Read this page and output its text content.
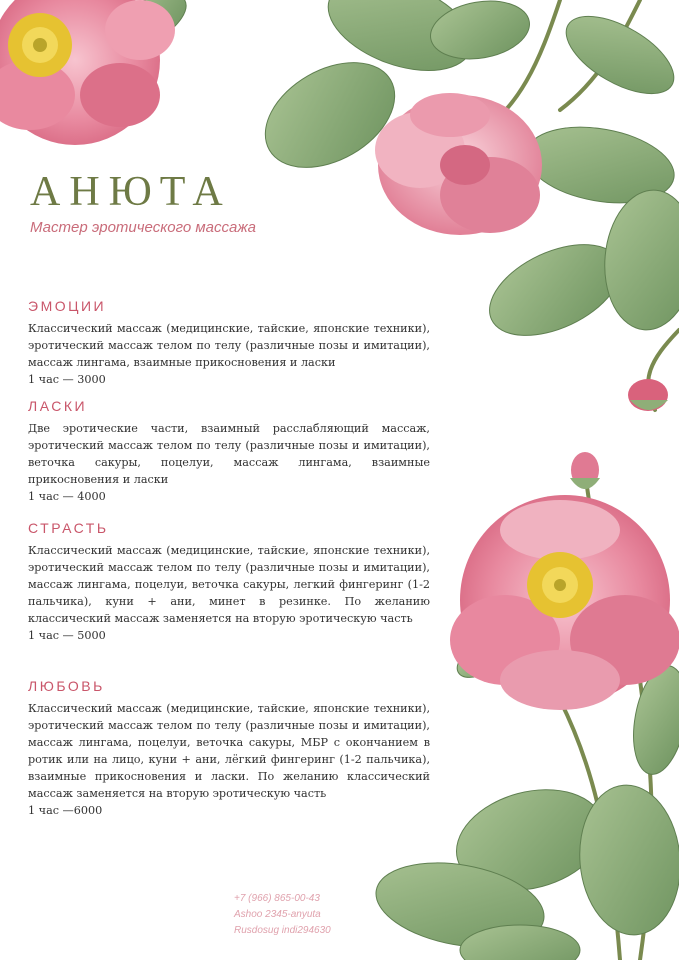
АНЮТА
Мастер эротического массажа
ЭМОЦИИ

Классический массаж (медицинские, тайские, японские техники), эротический массаж телом по телу (различные позы и имитации), массаж лингама, взаимные прикосновения и ласки

1 час — 3000
ЛАСКИ

Две эротические части, взаимный расслабляющий массаж, эротический массаж телом по телу (различные позы и имитации), веточка сакуры, поцелуи, массаж лингама, взаимные прикосновения и ласки

1 час — 4000
СТРАСТЬ

Классический массаж (медицинские, тайские, японские техники), эротический массаж телом по телу (различные позы и имитации), массаж лингама, поцелуи, веточка сакуры, легкий фингеринг (1-2 пальчика), куни + ани, минет в резинке. По желанию классический массаж заменяется на вторую эротическую часть

1 час — 5000
ЛЮБОВЬ

Классический массаж (медицинские, тайские, японские техники), эротический массаж телом по телу (различные позы и имитации), массаж лингама, поцелуи, веточка сакуры, МБР с окончанием в ротик или на лицо, куни + ани, лёгкий фингеринг (1-2 пальчика), взаимные прикосновения и ласки. По желанию классический массаж заменяется на вторую эротическую часть

1 час —6000
+7 (966) 865-00-43
Ashoo 2345-anyuta
Rusdosug indi294630
